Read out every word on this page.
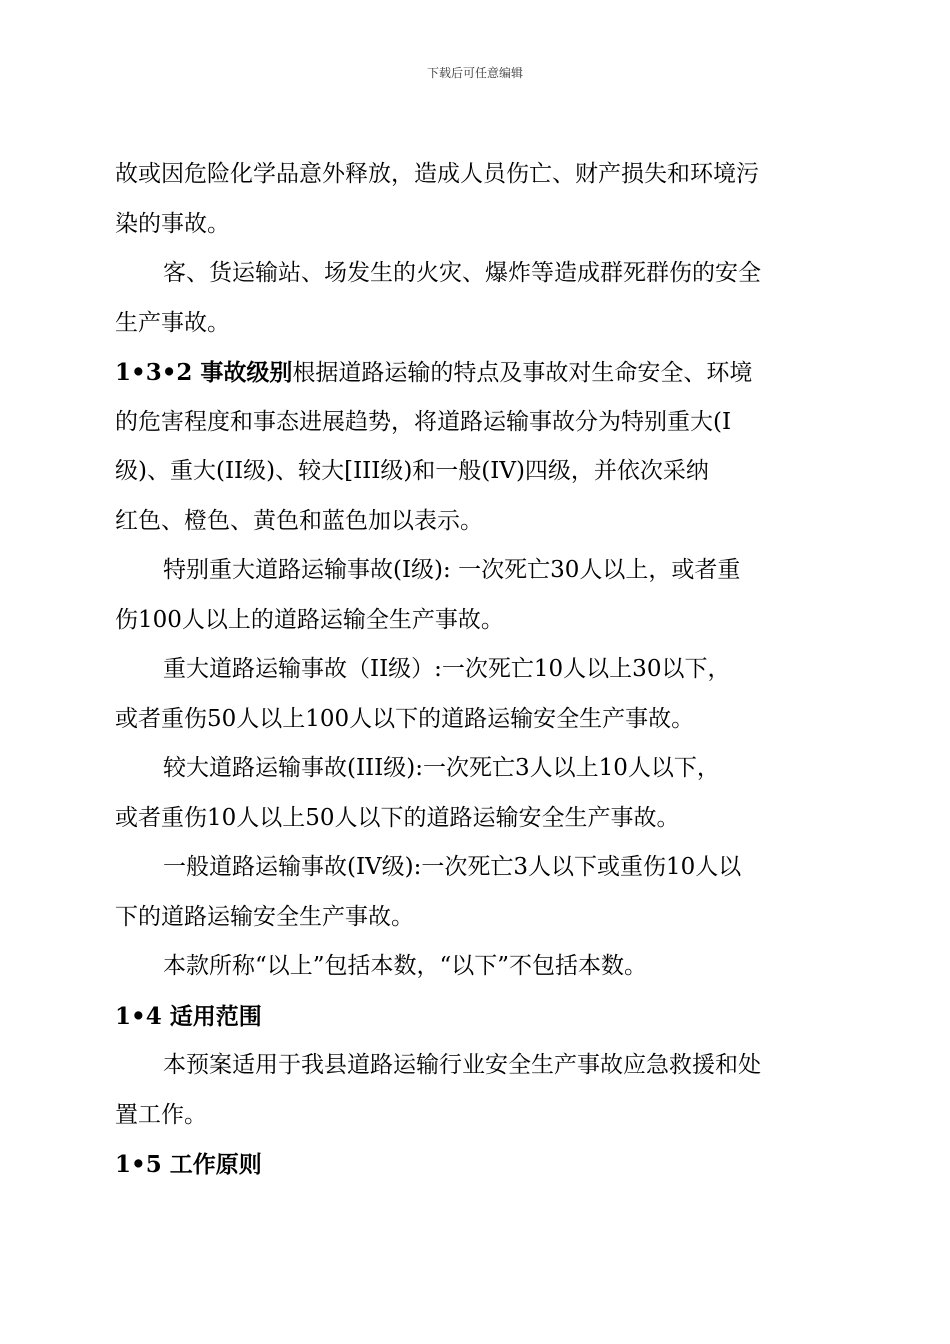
下载后可任意编辑
故或因危险化学品意外释放，造成人员伤亡、财产损失和环境污
染的事故。
客、货运输站、场发生的火灾、爆炸等造成群死群伤的安全
生产事故。
1•3•2 事故级别根据道路运输的特点及事故对生命安全、环境
的危害程度和事态进展趋势，将道路运输事故分为特别重大(I
级)、重大(II级)、较大[III级)和一般(IV)四级，并依次采纳
红色、橙色、黄色和蓝色加以表示。
特别重大道路运输事故(I级): 一次死亡30人以上，或者重
伤100人以上的道路运输全生产事故。
重大道路运输事故（II级）:一次死亡10人以上30以下，
或者重伤50人以上100人以下的道路运输安全生产事故。
较大道路运输事故(III级):一次死亡3人以上10人以下，
或者重伤10人以上50人以下的道路运输安全生产事故。
一般道路运输事故(IV级):一次死亡3人以下或重伤10人以
下的道路运输安全生产事故。
本款所称“以上”包括本数，“以下”不包括本数。
1•4 适用范围
本预案适用于我县道路运输行业安全生产事故应急救援和处
置工作。
1•5 工作原则
